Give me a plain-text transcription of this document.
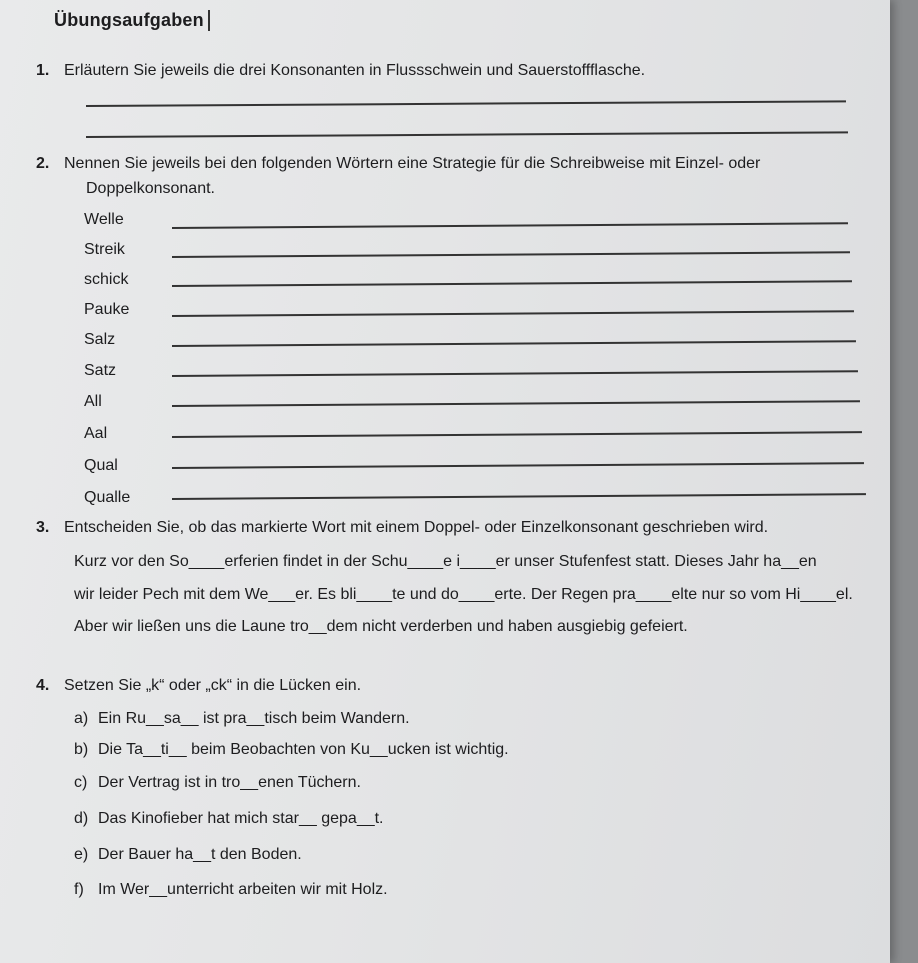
Übungsaufgaben
1. Erläutern Sie jeweils die drei Konsonanten in Flussschwein und Sauerstoffflasche.
2. Nennen Sie jeweils bei den folgenden Wörtern eine Strategie für die Schreibweise mit Einzel- oder
Doppelkonsonant.
Welle
Streik
schick
Pauke
Salz
Satz
All
Aal
Qual
Qualle
3. Entscheiden Sie, ob das markierte Wort mit einem Doppel- oder Einzelkonsonant geschrieben wird.
Kurz vor den So____erferien findet in der Schu____e i____er unser Stufenfest statt. Dieses Jahr ha__en
wir leider Pech mit dem We___er. Es bli____te und do____erte. Der Regen pra____elte nur so vom Hi____el.
Aber wir ließen uns die Laune tro__dem nicht verderben und haben ausgiebig gefeiert.
4. Setzen Sie „k“ oder „ck“ in die Lücken ein.
a) Ein Ru__sa__ ist pra__tisch beim Wandern.
b) Die Ta__ti__ beim Beobachten von Ku__ucken ist wichtig.
c) Der Vertrag ist in tro__enen Tüchern.
d) Das Kinofieber hat mich star__ gepa__t.
e) Der Bauer ha__t den Boden.
f) Im Wer__unterricht arbeiten wir mit Holz.
